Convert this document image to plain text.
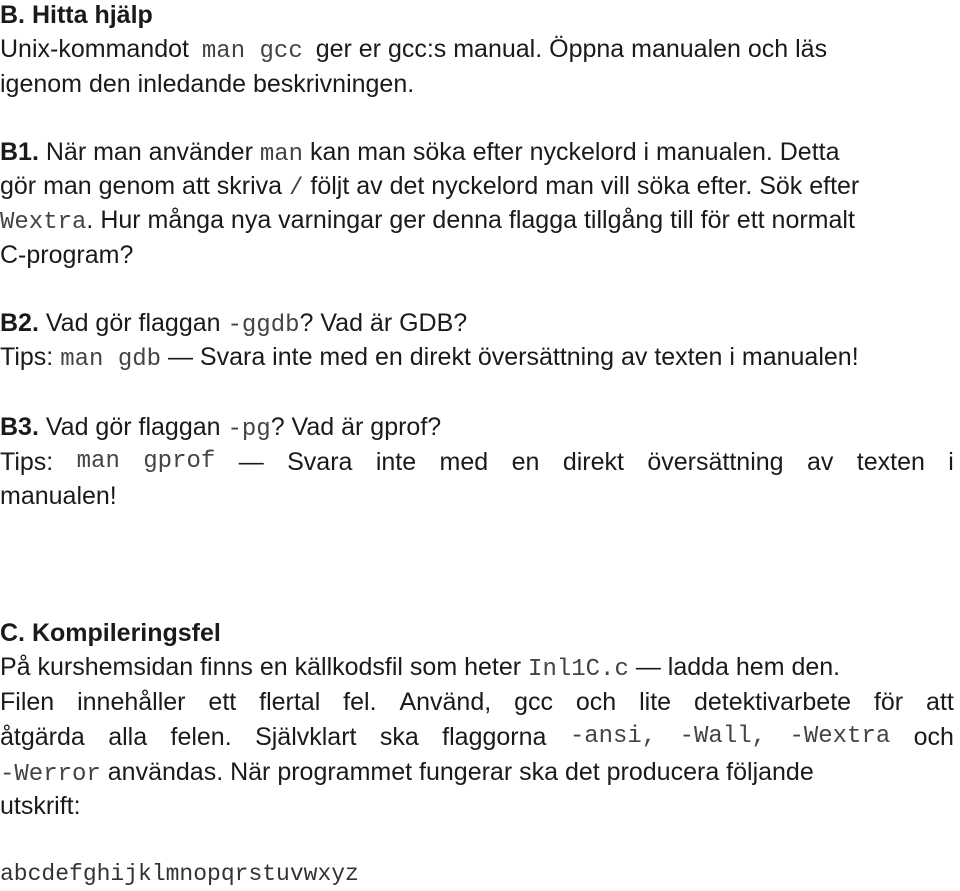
B. Hitta hjälp
Unix-kommandot man gcc ger er gcc:s manual. Öppna manualen och läs
igenom den inledande beskrivningen.
B1. När man använder man kan man söka efter nyckelord i manualen. Detta
gör man genom att skriva / följt av det nyckelord man vill söka efter. Sök efter
Wextra. Hur många nya varningar ger denna flagga tillgång till för ett normalt
C-program?
B2. Vad gör flaggan -ggdb? Vad är GDB?
Tips: man gdb — Svara inte med en direkt översättning av texten i manualen!
B3. Vad gör flaggan -pg? Vad är gprof?
Tips: man gprof — Svara inte med en direkt översättning av texten i
manualen!
C. Kompileringsfel
På kurshemsidan finns en källkodsfil som heter Inl1C.c — ladda hem den.
Filen innehåller ett flertal fel. Använd, gcc och lite detektivarbete för att
åtgärda alla felen. Självklart ska flaggorna -ansi, -Wall, -Wextra och
-Werror användas. När programmet fungerar ska det producera följande
utskrift:
abcdefghijklmnopqrstuvwxyz
